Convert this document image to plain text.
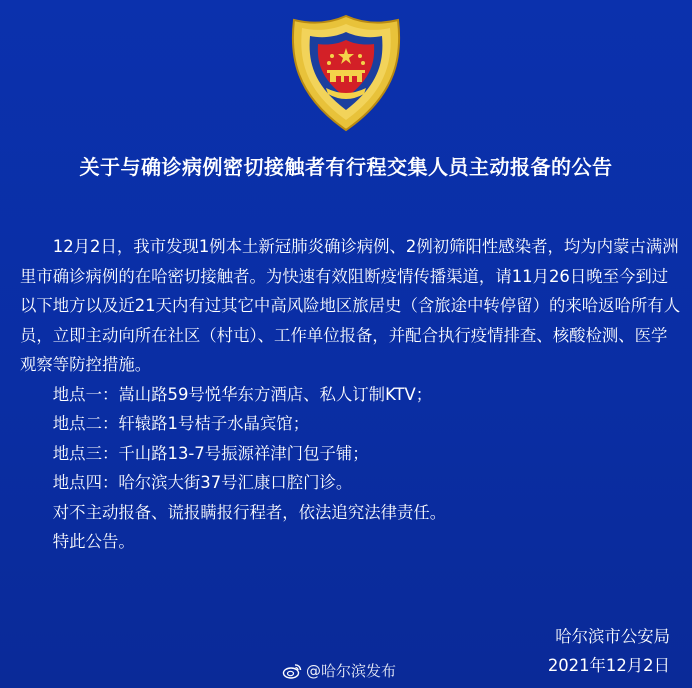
关于与确诊病例密切接触者有行程交集人员主动报备的公告

12月2日，我市发现1例本土新冠肺炎确诊病例、2例初筛阳性感染者，均为内蒙古满洲里市确诊病例的在哈密切接触者。为快速有效阻断疫情传播渠道，请11月26日晚至今到过以下地方以及近21天内有过其它中高风险地区旅居史（含旅途中转停留）的来哈返哈所有人员，立即主动向所在社区（村屯）、工作单位报备，并配合执行疫情排查、核酸检测、医学观察等防控措施。

地点一：嵩山路59号悦华东方酒店、私人订制KTV；

地点二：轩辕路1号桔子水晶宾馆；

地点三：千山路13-7号振源祥津门包子铺；

地点四：哈尔滨大街37号汇康口腔门诊。

对不主动报备、谎报瞒报行程者，依法追究法律责任。

特此公告。

哈尔滨市公安局
2021年12月2日
@哈尔滨发布
